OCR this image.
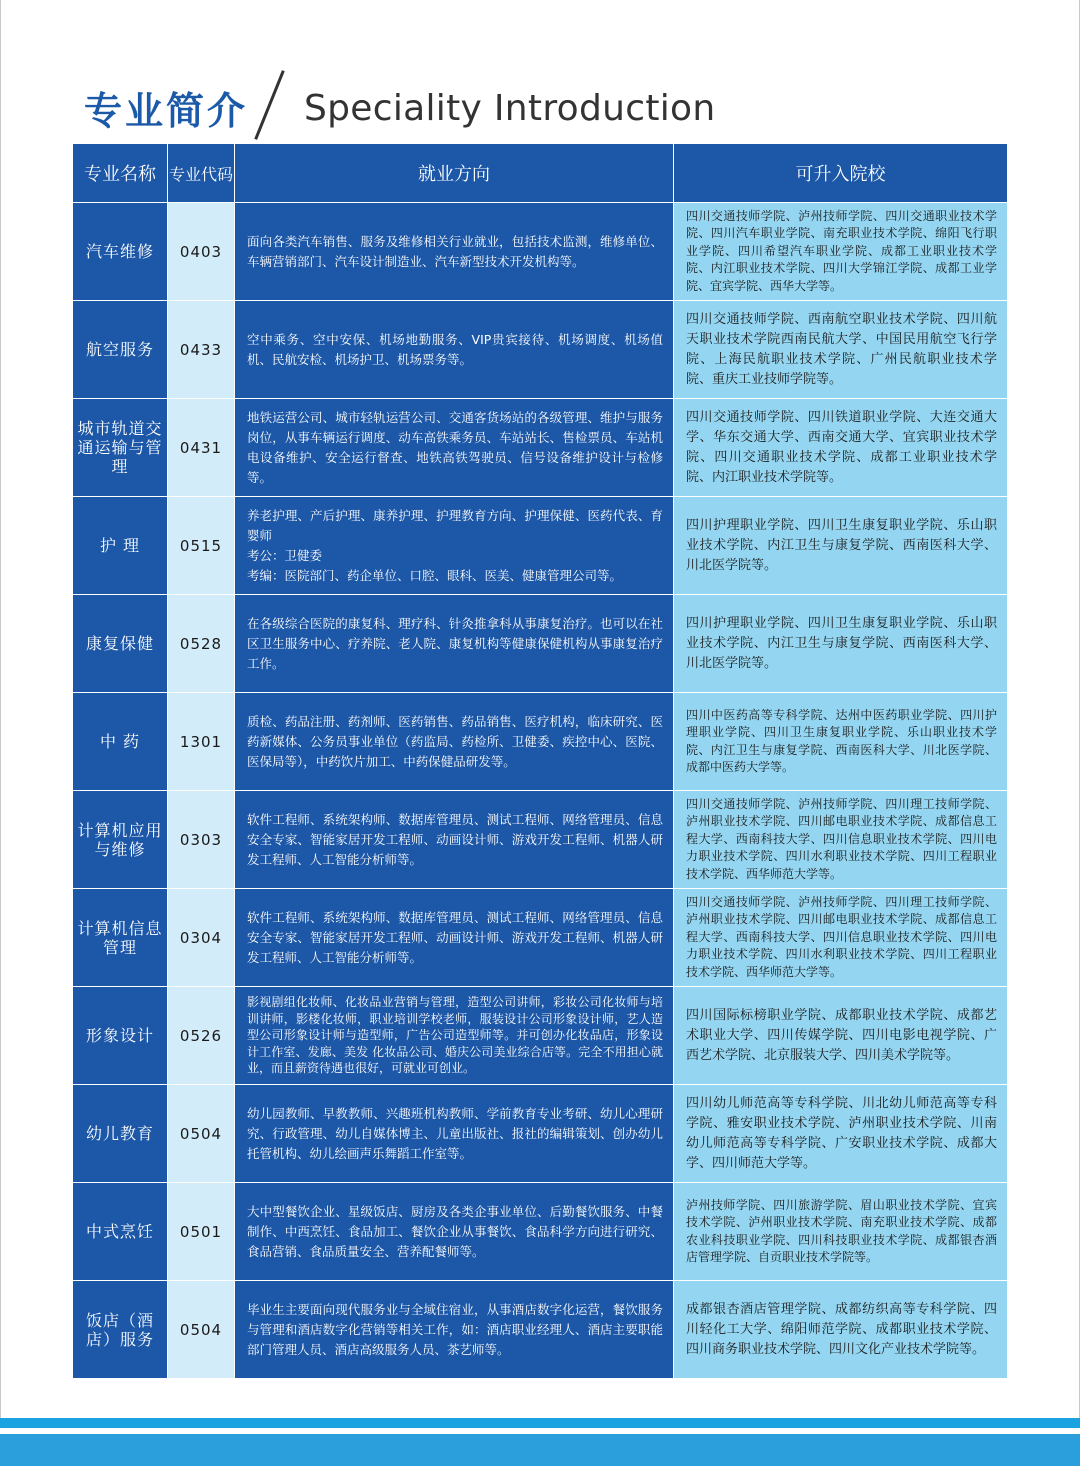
专业简介 Speciality Introduction
专业名称	专业代码	就业方向	可升入院校
汽车维修	0403	面向各类汽车销售、服务及维修相关行业就业，包括技术监测，维修单位、车辆营销部门、汽车设计制造业、汽车新型技术开发机构等。	四川交通技师学院、泸州技师学院、四川交通职业技术学院、四川汽车职业学院、南充职业技术学院、绵阳飞行职业学院、四川希望汽车职业学院、成都工业职业技术学院、内江职业技术学院、四川大学锦江学院、成都工业学院、宜宾学院、西华大学等。

航空服务	0433	空中乘务、空中安保、机场地勤服务、VIP贵宾接待、机场调度、机场值机、民航安检、机场护卫、机场票务等。	四川交通技师学院、西南航空职业技术学院、四川航天职业技术学院西南民航大学、中国民用航空飞行学院、上海民航职业技术学院、广州民航职业技术学院、重庆工业技师学院等。

城市轨道交通运输与管理	0431	地铁运营公司、城市轻轨运营公司、交通客货场站的各级管理、维护与服务岗位，从事车辆运行调度、动车高铁乘务员、车站站长、售检票员、车站机电设备维护、安全运行督查、地铁高铁驾驶员、信号设备维护设计与检修等。	四川交通技师学院、四川铁道职业学院、大连交通大学、华东交通大学、西南交通大学、宜宾职业技术学院、四川交通职业技术学院、成都工业职业技术学院、内江职业技术学院等。

护 理	0515	养老护理、产后护理、康养护理、护理教育方向、护理保健、医药代表、育婴师
考公：卫健委
考编：医院部门、药企单位、口腔、眼科、医美、健康管理公司等。	四川护理职业学院、四川卫生康复职业学院、乐山职业技术学院、内江卫生与康复学院、西南医科大学、川北医学院等。

康复保健	0528	在各级综合医院的康复科、理疗科、针灸推拿科从事康复治疗。也可以在社区卫生服务中心、疗养院、老人院、康复机构等健康保健机构从事康复治疗工作。	四川护理职业学院、四川卫生康复职业学院、乐山职业技术学院、内江卫生与康复学院、西南医科大学、川北医学院等。

中 药	1301	质检、药品注册、药剂师、医药销售、药品销售、医疗机构，临床研究、医药新媒体、公务员事业单位（药监局、药检所、卫健委、疾控中心、医院、医保局等），中药饮片加工、中药保健品研发等。	四川中医药高等专科学院、达州中医药职业学院、四川护理职业学院、四川卫生康复职业学院、乐山职业技术学院、内江卫生与康复学院、西南医科大学、川北医学院、成都中医药大学等。

计算机应用与维修	0303	软件工程师、系统架构师、数据库管理员、测试工程师、网络管理员、信息安全专家、智能家居开发工程师、动画设计师、游戏开发工程师、机器人研发工程师、人工智能分析师等。	四川交通技师学院、泸州技师学院、四川理工技师学院、泸州职业技术学院、四川邮电职业技术学院、成都信息工程大学、西南科技大学、四川信息职业技术学院、四川电力职业技术学院、四川水利职业技术学院、四川工程职业技术学院、西华师范大学等。

计算机信息管理	0304	软件工程师、系统架构师、数据库管理员、测试工程师、网络管理员、信息安全专家、智能家居开发工程师、动画设计师、游戏开发工程师、机器人研发工程师、人工智能分析师等。	四川交通技师学院、泸州技师学院、四川理工技师学院、泸州职业技术学院、四川邮电职业技术学院、成都信息工程大学、西南科技大学、四川信息职业技术学院、四川电力职业技术学院、四川水利职业技术学院、四川工程职业技术学院、西华师范大学等。

形象设计	0526	影视剧组化妆师、化妆品业营销与管理，造型公司讲师，彩妆公司化妆师与培训讲师，影楼化妆师，职业培训学校老师，服装设计公司形象设计师，艺人造型公司形象设计师与造型师，广告公司造型师等。并可创办化妆品店，形象设计工作室、发廊、美发 化妆品公司、婚庆公司美业综合店等。完全不用担心就业，而且薪资待遇也很好，可就业可创业。	四川国际标榜职业学院、成都职业技术学院、成都艺术职业大学、四川传媒学院、四川电影电视学院、广西艺术学院、北京服装大学、四川美术学院等。

幼儿教育	0504	幼儿园教师、早教教师、兴趣班机构教师、学前教育专业考研、幼儿心理研究、行政管理、幼儿自媒体博主、儿童出版社、报社的编辑策划、创办幼儿托管机构、幼儿绘画声乐舞蹈工作室等。	四川幼儿师范高等专科学院、川北幼儿师范高等专科学院、雅安职业技术学院、泸州职业技术学院、川南幼儿师范高等专科学院、广安职业技术学院、成都大学、四川师范大学等。

中式烹饪	0501	大中型餐饮企业、星级饭店、厨房及各类企事业单位、后勤餐饮服务、中餐制作、中西烹饪、食品加工、餐饮企业从事餐饮、食品科学方向进行研究、食品营销、食品质量安全、营养配餐师等。	泸州技师学院、四川旅游学院、眉山职业技术学院、宜宾技术学院、泸州职业技术学院、南充职业技术学院、成都农业科技职业学院、四川科技职业技术学院、成都银杏酒店管理学院、自贡职业技术学院等。

饭店（酒店）服务	0504	毕业生主要面向现代服务业与全域住宿业，从事酒店数字化运营，餐饮服务与管理和酒店数字化营销等相关工作，如：酒店职业经理人、酒店主要职能部门管理人员、酒店高级服务人员、茶艺师等。	成都银杏酒店管理学院、成都纺织高等专科学院、四川轻化工大学、绵阳师范学院、成都职业技术学院、四川商务职业技术学院、四川文化产业技术学院等。
